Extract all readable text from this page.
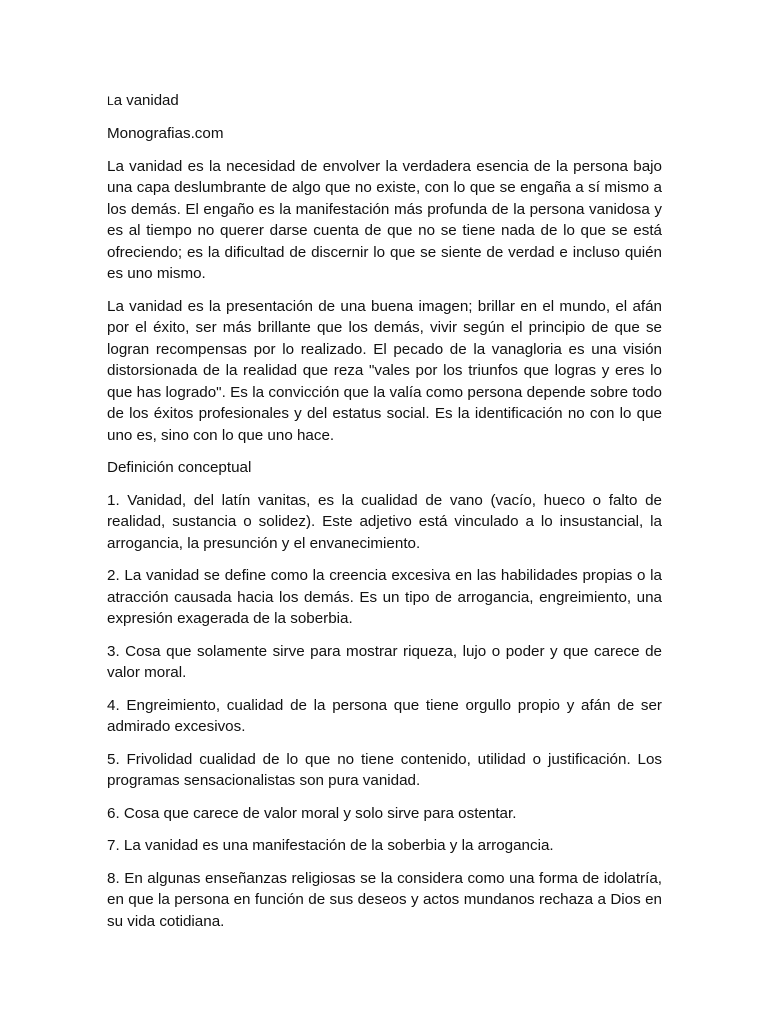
La vanidad

Monografias.com

La vanidad es la necesidad de envolver la verdadera esencia de la persona bajo una capa deslumbrante de algo que no existe, con lo que se engaña a sí mismo a los demás. El engaño es la manifestación más profunda de la persona vanidosa y es al tiempo no querer darse cuenta de que no se tiene nada de lo que se está ofreciendo; es la dificultad de discernir lo que se siente de verdad e incluso quién es uno mismo.

La vanidad es la presentación de una buena imagen; brillar en el mundo, el afán por el éxito, ser más brillante que los demás, vivir según el principio de que se logran recompensas por lo realizado. El pecado de la vanagloria es una visión distorsionada de la realidad que reza "vales por los triunfos que logras y eres lo que has logrado". Es la convicción que la valía como persona depende sobre todo de los éxitos profesionales y del estatus social. Es la identificación no con lo que uno es, sino con lo que uno hace.

Definición conceptual

1. Vanidad, del latín vanitas, es la cualidad de vano (vacío, hueco o falto de realidad, sustancia o solidez). Este adjetivo está vinculado a lo insustancial, la arrogancia, la presunción y el envanecimiento.

2. La vanidad se define como la creencia excesiva en las habilidades propias o la atracción causada hacia los demás. Es un tipo de arrogancia, engreimiento, una expresión exagerada de la soberbia.

3. Cosa que solamente sirve para mostrar riqueza, lujo o poder y que carece de valor moral.

4. Engreimiento, cualidad de la persona que tiene orgullo propio y afán de ser admirado excesivos.

5. Frivolidad cualidad de lo que no tiene contenido, utilidad o justificación. Los programas sensacionalistas son pura vanidad.

6. Cosa que carece de valor moral y solo sirve para ostentar.

7. La vanidad es una manifestación de la soberbia y la arrogancia.

8. En algunas enseñanzas religiosas se la considera como una forma de idolatría, en que la persona en función de sus deseos y actos mundanos rechaza a Dios en su vida cotidiana.
